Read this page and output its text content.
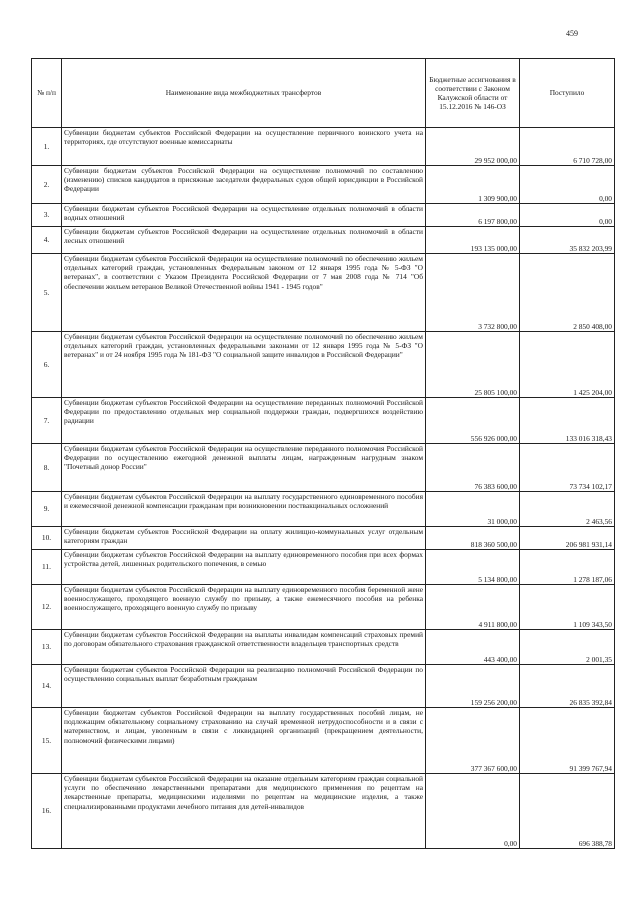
459
№ п/п	Наименование вида межбюджетных трансфертов	Бюджетные ассигнования в соответствии с Законом Калужской области от 15.12.2016 № 146-ОЗ	Поступило
1.	Субвенции бюджетам субъектов Российской Федерации на осуществление первичного воинского учета на территориях, где отсутствуют военные комиссариаты	29 952 000,00	6 710 728,00
2.	Субвенции бюджетам субъектов Российской Федерации на осуществление полномочий по составлению (изменению) списков кандидатов в присяжные заседатели федеральных судов общей юрисдикции в Российской Федерации	1 309 900,00	0,00
3.	Субвенции бюджетам субъектов Российской Федерации на осуществление отдельных полномочий в области водных отношений	6 197 800,00	0,00
4.	Субвенции бюджетам субъектов Российской Федерации на осуществление отдельных полномочий в области лесных отношений	193 135 000,00	35 832 203,99
5.	Субвенции бюджетам субъектов Российской Федерации на осуществление полномочий по обеспечению жильем отдельных категорий граждан, установленных Федеральным законом от 12 января 1995 года № 5-ФЗ "О ветеранах", в соответствии с Указом Президента Российской Федерации от 7 мая 2008 года № 714 "Об обеспечении жильем ветеранов Великой Отечественной войны 1941 - 1945 годов"	3 732 800,00	2 850 408,00
6.	Субвенции бюджетам субъектов Российской Федерации на осуществление полномочий по обеспечению жильем отдельных категорий граждан, установленных федеральными законами от 12 января 1995 года № 5-ФЗ "О ветеранах" и от 24 ноября 1995 года № 181-ФЗ "О социальной защите инвалидов в Российской Федерации"	25 805 100,00	1 425 204,00
7.	Субвенции бюджетам субъектов Российской Федерации на осуществление переданных полномочий Российской Федерации по предоставлению отдельных мер социальной поддержки граждан, подвергшихся воздействию радиации	556 926 000,00	133 016 318,43
8.	Субвенции бюджетам субъектов Российской Федерации на осуществление переданного полномочия Российской Федерации по осуществлению ежегодной денежной выплаты лицам, награжденным нагрудным знаком "Почетный донор России"	76 383 600,00	73 734 102,17
9.	Субвенции бюджетам субъектов Российской Федерации на выплату государственного единовременного пособия и ежемесячной денежной компенсации гражданам при возникновении поствакцинальных осложнений	31 000,00	2 463,56
10.	Субвенции бюджетам субъектов Российской Федерации на оплату жилищно-коммунальных услуг отдельным категориям граждан	818 360 500,00	206 981 931,14
11.	Субвенции бюджетам субъектов Российской Федерации на выплату единовременного пособия при всех формах устройства детей, лишенных родительского попечения, в семью	5 134 800,00	1 278 187,06
12.	Субвенции бюджетам субъектов Российской Федерации на выплату единовременного пособия беременной жене военнослужащего, проходящего военную службу по призыву, а также ежемесячного пособия на ребенка военнослужащего, проходящего военную службу по призыву	4 911 800,00	1 109 343,50
13.	Субвенции бюджетам субъектов Российской Федерации на выплаты инвалидам компенсаций страховых премий по договорам обязательного страхования гражданской ответственности владельцев транспортных средств	443 400,00	2 001,35
14.	Субвенции бюджетам субъектов Российской Федерации на реализацию полномочий Российской Федерации по осуществлению социальных выплат безработным гражданам	159 256 200,00	26 835 392,84
15.	Субвенции бюджетам субъектов Российской Федерации на выплату государственных пособий лицам, не подлежащим обязательному социальному страхованию на случай временной нетрудоспособности и в связи с материнством, и лицам, уволенным в связи с ликвидацией организаций (прекращением деятельности, полномочий физическими лицами)	377 367 600,00	91 399 767,94
16.	Субвенции бюджетам субъектов Российской Федерации на оказание отдельным категориям граждан социальной услуги по обеспечению лекарственными препаратами для медицинского применения по рецептам на лекарственные препараты, медицинскими изделиями по рецептам на медицинские изделия, а также специализированными продуктами лечебного питания для детей-инвалидов	0,00	696 388,78
